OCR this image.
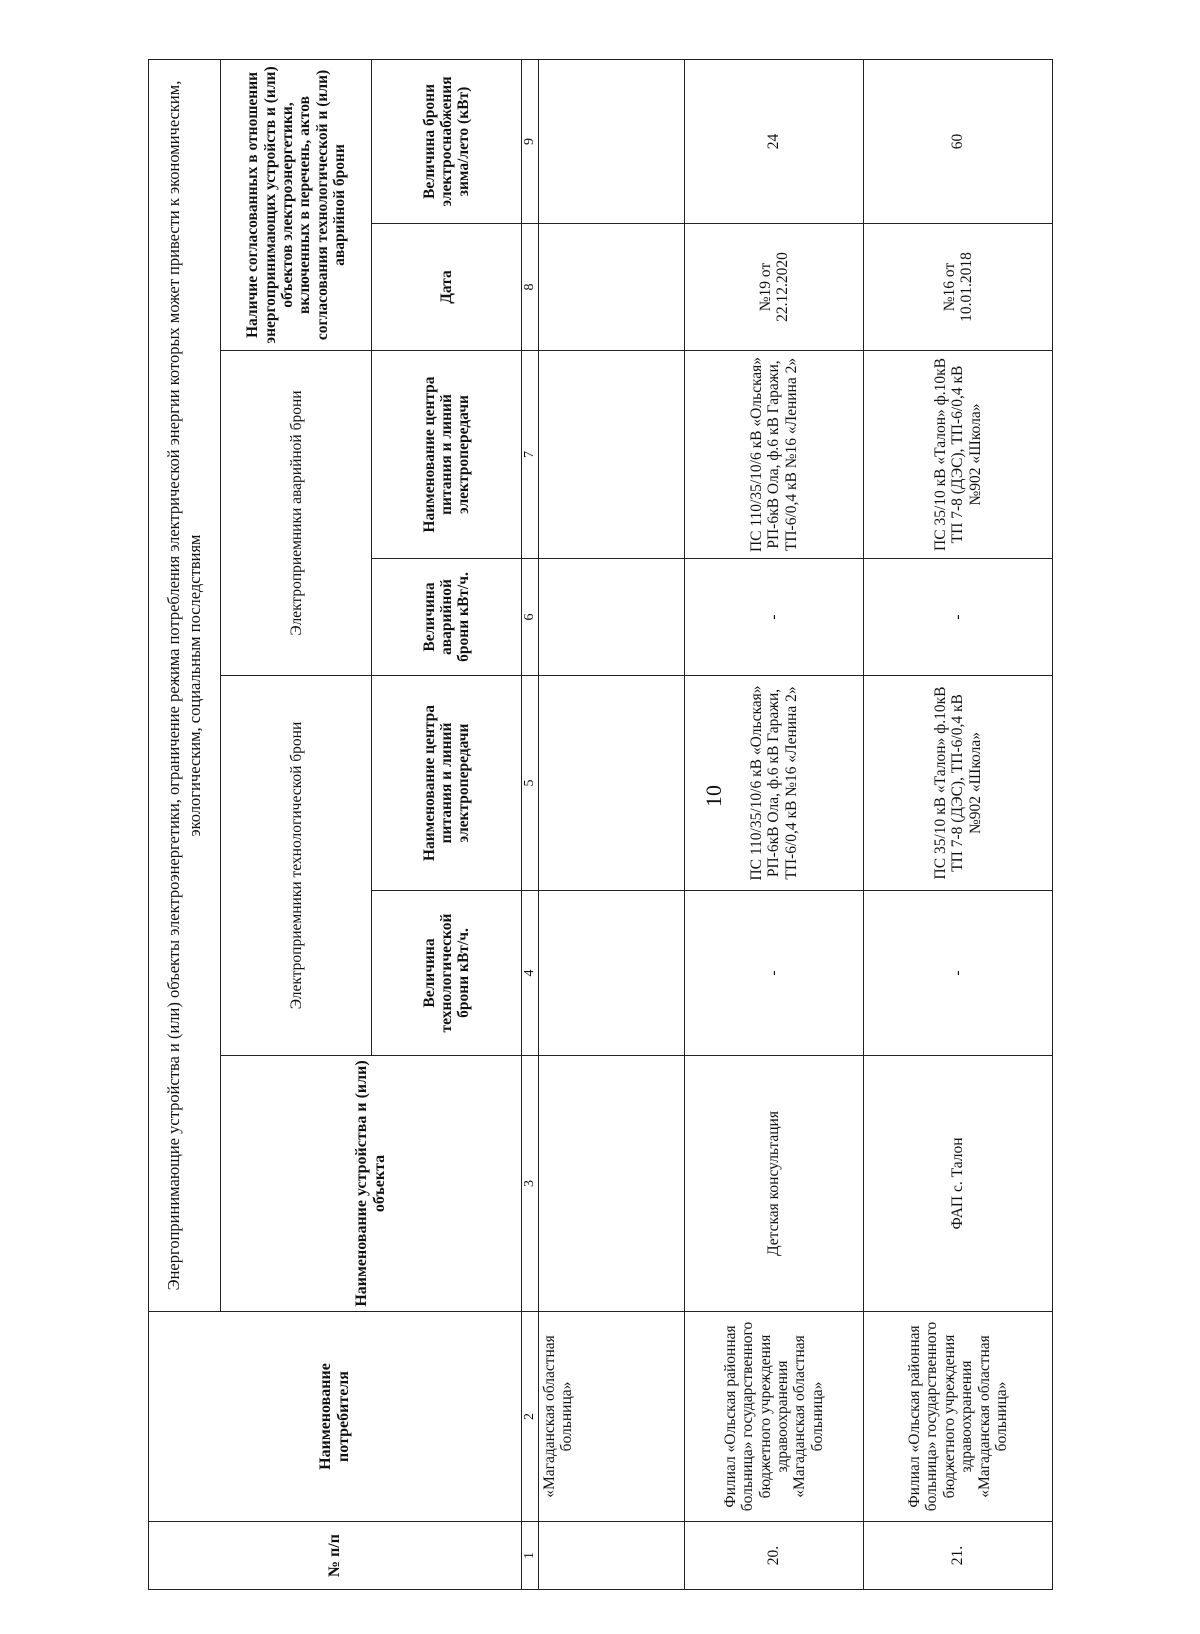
10
№ п/п	Наименование потребителя	Энергопринимающие устройства и (или) объекты электроэнергетики, ограничение режима потребления электрической энергии которых может привести к экономическим, экологическим, социальным последствиям						
		Наименование устройства и (или) объекта	Электроприемники технологической брони		Электроприемники аварийной брони		Наличие согласованных в отношении энергопринимающих устройств и (или) объектов электроэнергетики, включенных в перечень, актов согласования технологической и (или) аварийной брони	
			Величина технологической брони кВт/ч.	Наименование центра питания и линий электропередачи	Величина аварийной брони кВт/ч.	Наименование центра питания и линий электропередачи	Дата	Величина брони электроснабжения зима/лето (кВт)
1	2	3	4	5	6	7	8	9
	«Магаданская областная больница»							
20.	Филиал «Ольская районная больница» государственного бюджетного учреждения здравоохранения «Магаданская областная больница»	Детская консультация	-	ПС 110/35/10/6 кВ «Ольская» РП-6кВ Ола, ф.6 кВ Гаражи, ТП-6/0,4 кВ №16 «Ленина 2»	-	ПС 110/35/10/6 кВ «Ольская» РП-6кВ Ола, ф.6 кВ Гаражи, ТП-6/0,4 кВ №16 «Ленина 2»	№19 от 22.12.2020	24
21.	Филиал «Ольская районная больница» государственного бюджетного учреждения здравоохранения «Магаданская областная больница»	ФАП с. Талон	-	ПС 35/10 кВ «Талон» ф.10кВ ТП 7-8 (ДЭС), ТП-6/0,4 кВ №902 «Школа»	-	ПС 35/10 кВ «Талон» ф.10кВ ТП 7-8 (ДЭС), ТП-6/0,4 кВ №902 «Школа»	№16 от 10.01.2018	60
